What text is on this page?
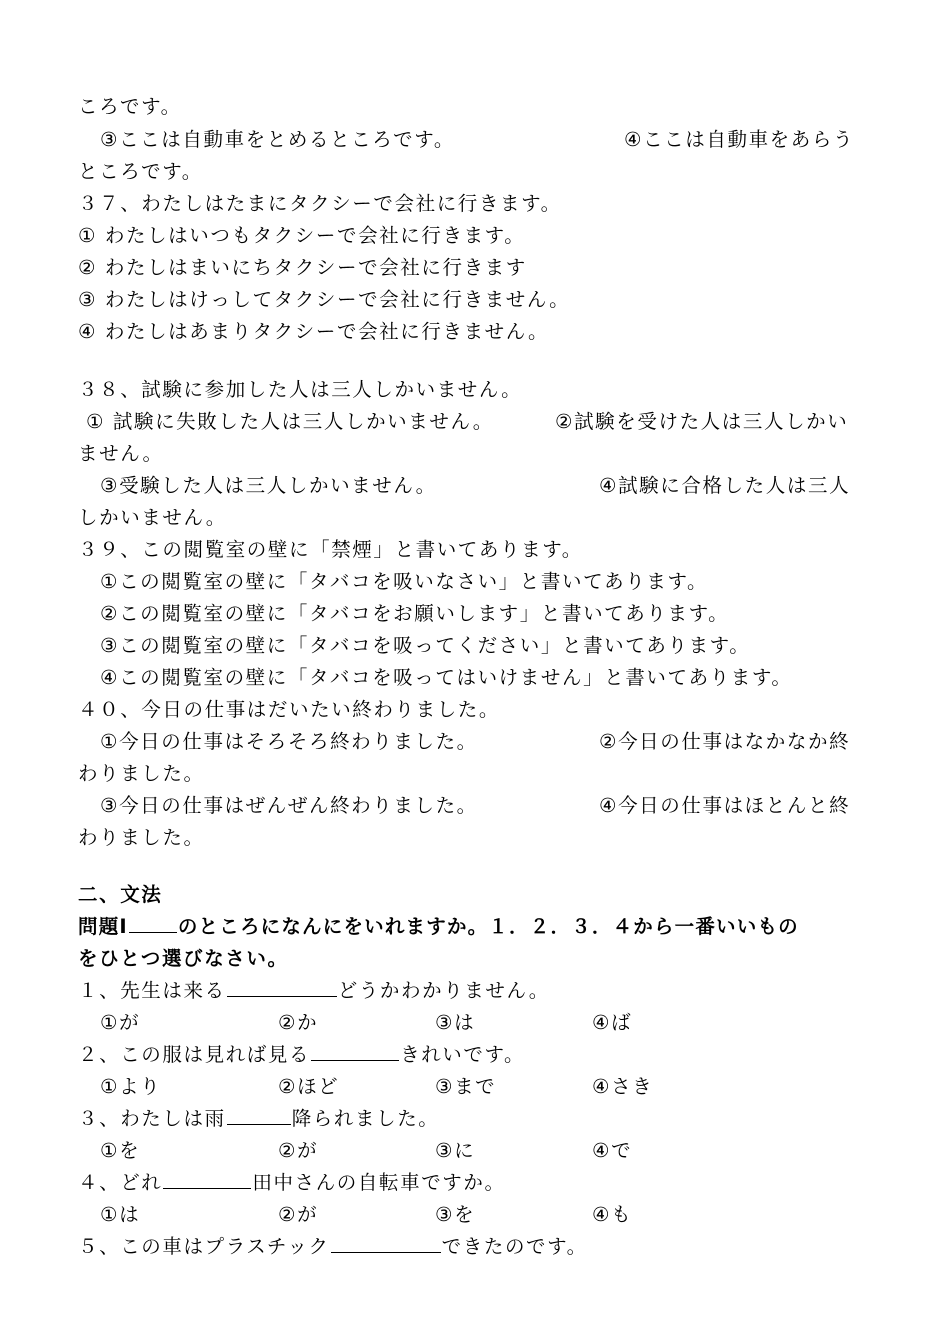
ころです。
③ここは自動車をとめるところです。	④ここは自動車をあらう
ところです。
３７、わたしはたまにタクシーで会社に行きます。
① わたしはいつもタクシーで会社に行きます。
② わたしはまいにちタクシーで会社に行きます
③ わたしはけっしてタクシーで会社に行きません。
④ わたしはあまりタクシーで会社に行きません。
３８、試験に参加した人は三人しかいません。
① 試験に失敗した人は三人しかいません。	②試験を受けた人は三人しかい
ません。
③受験した人は三人しかいません。	④試験に合格した人は三人
しかいません。
３９、この閲覧室の壁に「禁煙」と書いてあります。
①この閲覧室の壁に「タバコを吸いなさい」と書いてあります。
②この閲覧室の壁に「タバコをお願いします」と書いてあります。
③この閲覧室の壁に「タバコを吸ってください」と書いてあります。
④この閲覧室の壁に「タバコを吸ってはいけません」と書いてあります。
４０、今日の仕事はだいたい終わりました。
①今日の仕事はそろそろ終わりました。	②今日の仕事はなかなか終
わりました。
③今日の仕事はぜんぜん終わりました。	④今日の仕事はほとんと終
わりました。
二、文法
問題Ⅰ	のところになんにをいれますか。１．２．３．４から一番いいもの
をひとつ選びなさい。
１、先生は来る	どうかわかりません。
①が	②か	③は	④ば
２、この服は見れば見る	きれいです。
①より	②ほど	③まで	④さき
３、わたしは雨	降られました。
①を	②が	③に	④で
４、どれ	田中さんの自転車ですか。
①は	②が	③を	④も
５、この車はプラスチック	できたのです。
